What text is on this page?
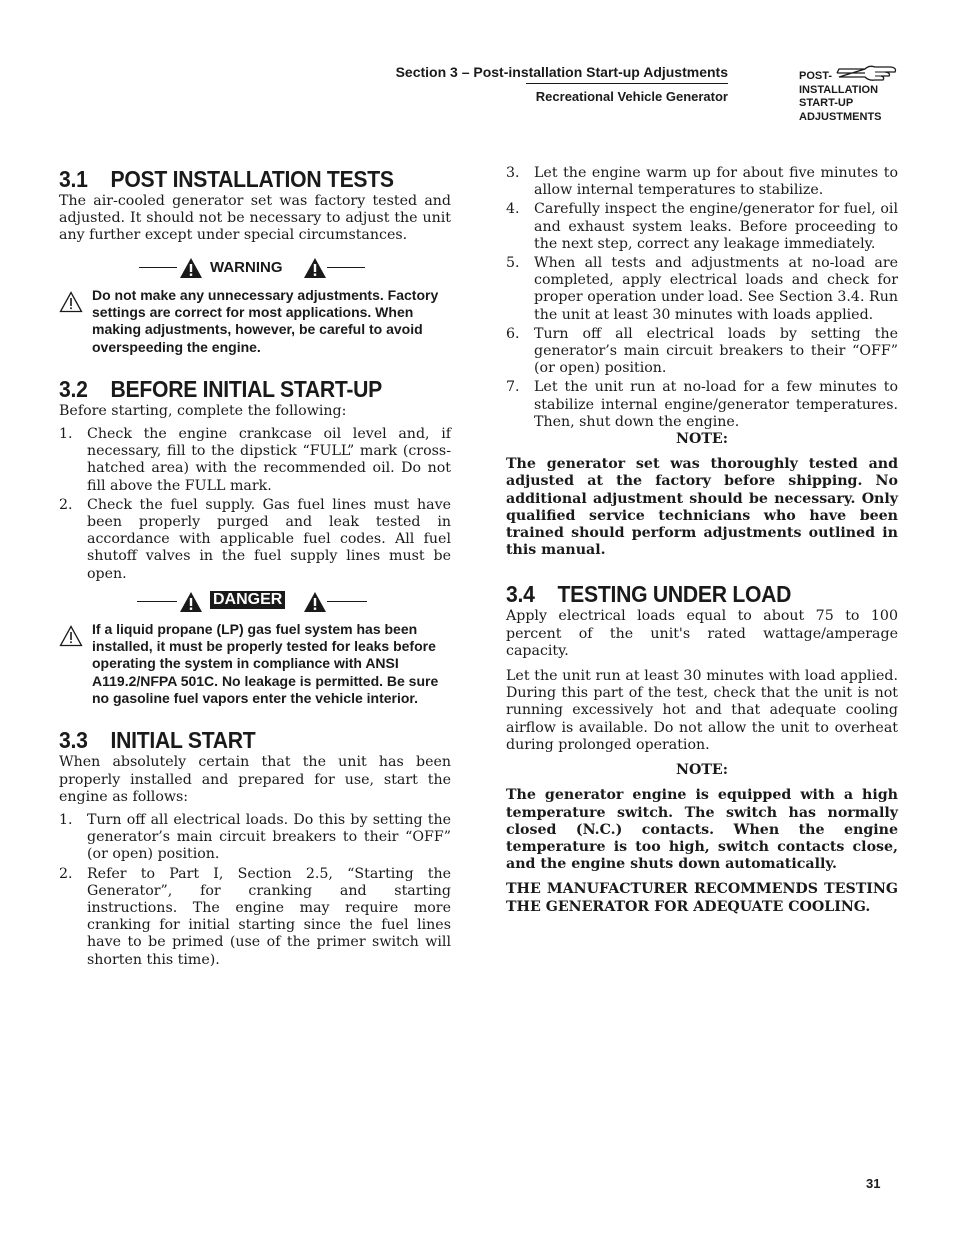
Section 3 – Post-installation Start-up Adjustments
Recreational Vehicle Generator
POST-
INSTALLATION
START-UP
ADJUSTMENTS
3.1 POST INSTALLATION TESTS

The air-cooled generator set was factory tested and adjusted. It should not be necessary to adjust the unit any further except under special circumstances.

WARNING
Do not make any unnecessary adjustments. Factory settings are correct for most applications. When making adjustments, however, be careful to avoid overspeeding the engine.
3.2 BEFORE INITIAL START-UP

Before starting, complete the following:

1. Check the engine crankcase oil level and, if necessary, fill to the dipstick “FULL” mark (cross-hatched area) with the recommended oil. Do not fill above the FULL mark.
2. Check the fuel supply. Gas fuel lines must have been properly purged and leak tested in accordance with applicable fuel codes. All fuel shutoff valves in the fuel supply lines must be open.
DANGER
If a liquid propane (LP) gas fuel system has been installed, it must be properly tested for leaks before operating the system in compliance with ANSI A119.2/NFPA 501C. No leakage is permitted. Be sure no gasoline fuel vapors enter the vehicle interior.
3.3 INITIAL START

When absolutely certain that the unit has been properly installed and prepared for use, start the engine as follows:

1. Turn off all electrical loads. Do this by setting the generator’s main circuit breakers to their “OFF” (or open) position.
2. Refer to Part I, Section 2.5, “Starting the Generator”, for cranking and starting instructions. The engine may require more cranking for initial starting since the fuel lines have to be primed (use of the primer switch will shorten this time).
3. Let the engine warm up for about five minutes to allow internal temperatures to stabilize.
4. Carefully inspect the engine/generator for fuel, oil and exhaust system leaks. Before proceeding to the next step, correct any leakage immediately.
5. When all tests and adjustments at no-load are completed, apply electrical loads and check for proper operation under load. See Section 3.4. Run the unit at least 30 minutes with loads applied.
6. Turn off all electrical loads by setting the generator’s main circuit breakers to their “OFF” (or open) position.
7. Let the unit run at no-load for a few minutes to stabilize internal engine/generator temperatures. Then, shut down the engine.

NOTE:

The generator set was thoroughly tested and adjusted at the factory before shipping. No additional adjustment should be necessary. Only qualified service technicians who have been trained should perform adjustments outlined in this manual.

3.4 TESTING UNDER LOAD

Apply electrical loads equal to about 75 to 100 percent of the unit's rated wattage/amperage capacity.

Let the unit run at least 30 minutes with load applied. During this part of the test, check that the unit is not running excessively hot and that adequate cooling airflow is available. Do not allow the unit to overheat during prolonged operation.

NOTE:

The generator engine is equipped with a high temperature switch. The switch has normally closed (N.C.) contacts. When the engine temperature is too high, switch contacts close, and the engine shuts down automatically.

THE MANUFACTURER RECOMMENDS TESTING THE GENERATOR FOR ADEQUATE COOLING.

31
